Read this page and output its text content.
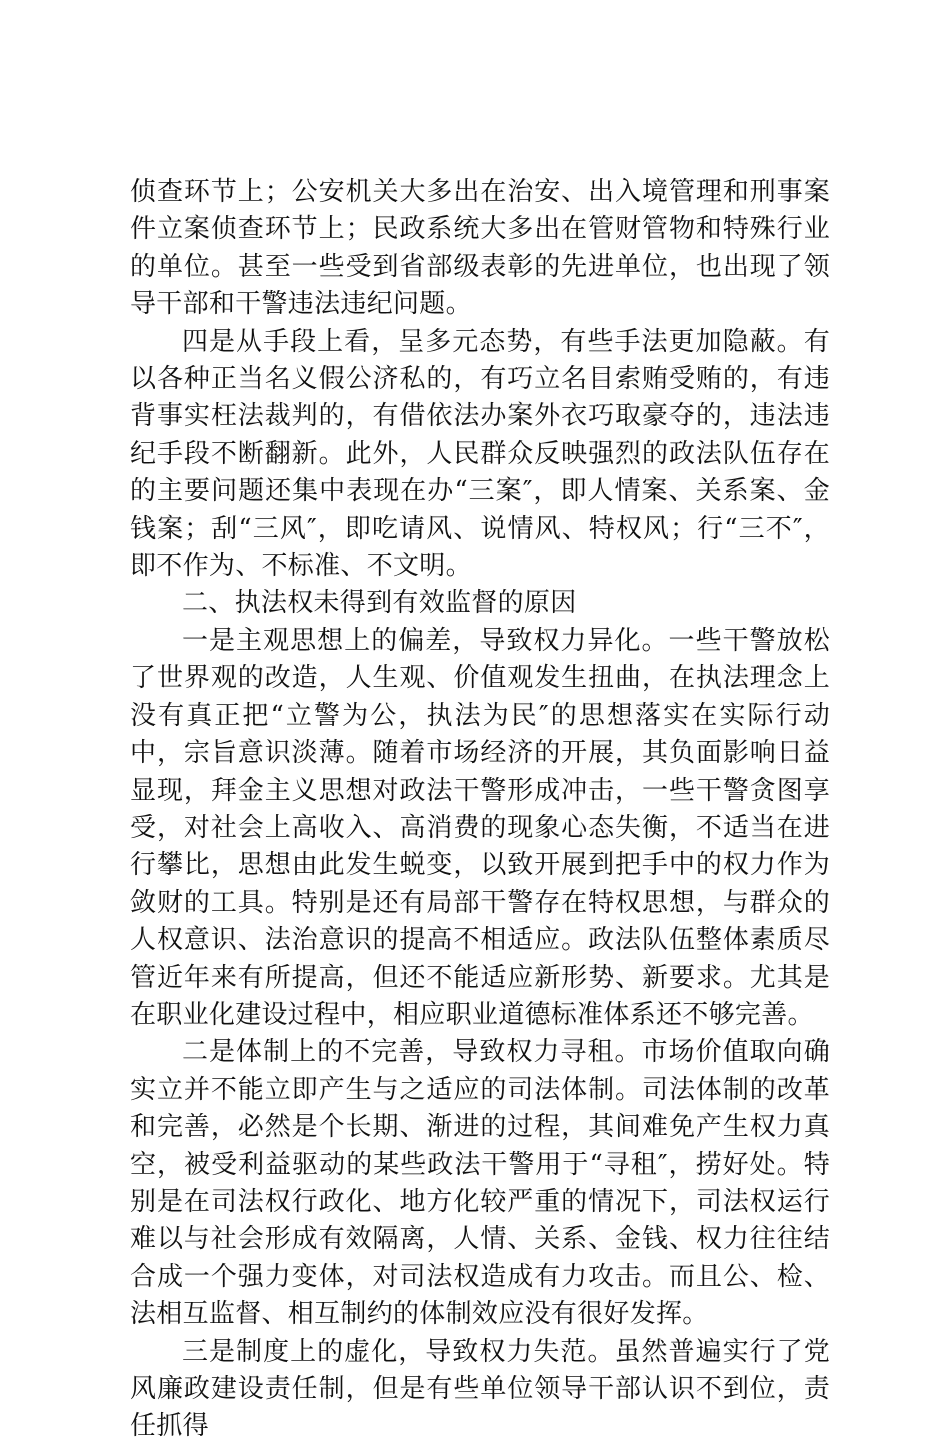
侦查环节上；公安机关大多出在治安、出入境管理和刑事案件立案侦查环节上；民政系统大多出在管财管物和特殊行业的单位。甚至一些受到省部级表彰的先进单位，也出现了领导干部和干警违法违纪问题。

四是从手段上看，呈多元态势，有些手法更加隐蔽。有以各种正当名义假公济私的，有巧立名目索贿受贿的，有违背事实枉法裁判的，有借依法办案外衣巧取豪夺的，违法违纪手段不断翻新。此外，人民群众反映强烈的政法队伍存在的主要问题还集中表现在办“三案″，即人情案、关系案、金钱案；刮“三风″，即吃请风、说情风、特权风；行“三不″，即不作为、不标准、不文明。

二、执法权未得到有效监督的原因

一是主观思想上的偏差，导致权力异化。一些干警放松了世界观的改造，人生观、价值观发生扭曲，在执法理念上没有真正把“立警为公，执法为民″的思想落实在实际行动中，宗旨意识淡薄。随着市场经济的开展，其负面影响日益显现，拜金主义思想对政法干警形成冲击，一些干警贪图享受，对社会上高收入、高消费的现象心态失衡，不适当在进行攀比，思想由此发生蜕变，以致开展到把手中的权力作为敛财的工具。特别是还有局部干警存在特权思想，与群众的人权意识、法治意识的提高不相适应。政法队伍整体素质尽管近年来有所提高，但还不能适应新形势、新要求。尤其是在职业化建设过程中，相应职业道德标准体系还不够完善。

二是体制上的不完善，导致权力寻租。市场价值取向确实立并不能立即产生与之适应的司法体制。司法体制的改革和完善，必然是个长期、渐进的过程，其间难免产生权力真空，被受利益驱动的某些政法干警用于“寻租″，捞好处。特别是在司法权行政化、地方化较严重的情况下，司法权运行难以与社会形成有效隔离，人情、关系、金钱、权力往往结合成一个强力变体，对司法权造成有力攻击。而且公、检、法相互监督、相互制约的体制效应没有很好发挥。

三是制度上的虚化，导致权力失范。虽然普遍实行了党风廉政建设责任制，但是有些单位领导干部认识不到位，责任抓得
